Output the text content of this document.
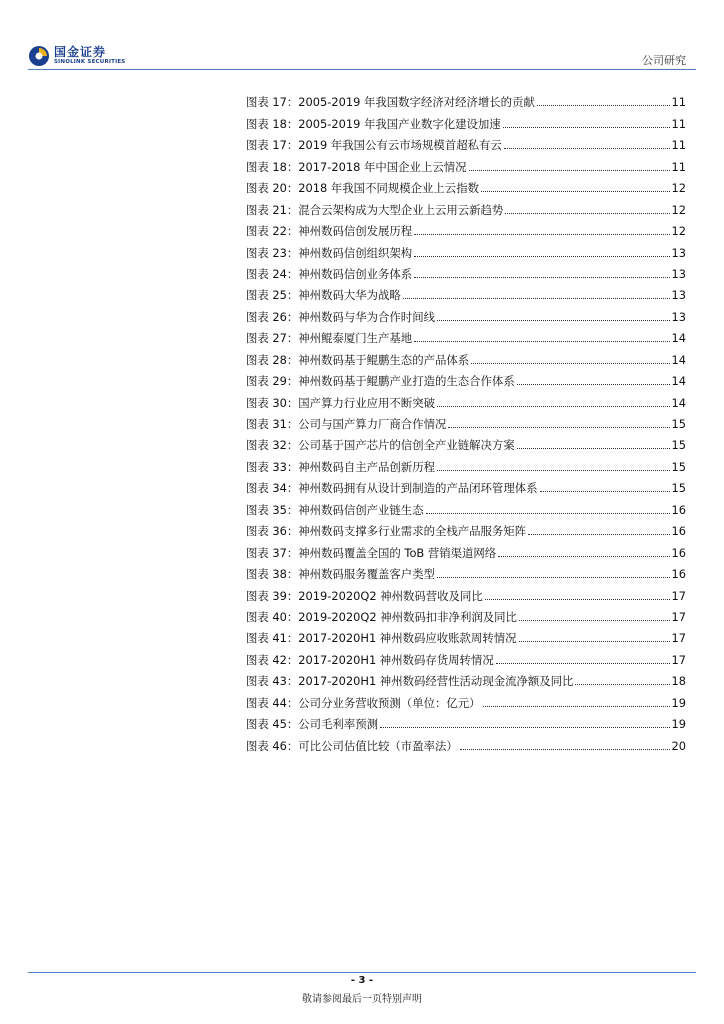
国金证券
SINOLINK SECURITIES	公司研究
图表 17：2005-2019 年我国数字经济对经济增长的贡献	11
图表 18：2005-2019 年我国产业数字化建设加速	11
图表 17：2019 年我国公有云市场规模首超私有云	11
图表 18：2017-2018 年中国企业上云情况	11
图表 20：2018 年我国不同规模企业上云指数	12
图表 21：混合云架构成为大型企业上云用云新趋势	12
图表 22：神州数码信创发展历程	12
图表 23：神州数码信创组织架构	13
图表 24：神州数码信创业务体系	13
图表 25：神州数码大华为战略	13
图表 26：神州数码与华为合作时间线	13
图表 27：神州鲲泰厦门生产基地	14
图表 28：神州数码基于鲲鹏生态的产品体系	14
图表 29：神州数码基于鲲鹏产业打造的生态合作体系	14
图表 30：国产算力行业应用不断突破	14
图表 31：公司与国产算力厂商合作情况	15
图表 32：公司基于国产芯片的信创全产业链解决方案	15
图表 33：神州数码自主产品创新历程	15
图表 34：神州数码拥有从设计到制造的产品闭环管理体系	15
图表 35：神州数码信创产业链生态	16
图表 36：神州数码支撑多行业需求的全栈产品服务矩阵	16
图表 37：神州数码覆盖全国的 ToB 营销渠道网络	16
图表 38：神州数码服务覆盖客户类型	16
图表 39：2019-2020Q2 神州数码营收及同比	17
图表 40：2019-2020Q2 神州数码扣非净利润及同比	17
图表 41：2017-2020H1 神州数码应收账款周转情况	17
图表 42：2017-2020H1 神州数码存货周转情况	17
图表 43：2017-2020H1 神州数码经营性活动现金流净额及同比	18
图表 44：公司分业务营收预测（单位：亿元）	19
图表 45：公司毛利率预测	19
图表 46：可比公司估值比较（市盈率法）	20
- 3 -
敬请参阅最后一页特别声明
